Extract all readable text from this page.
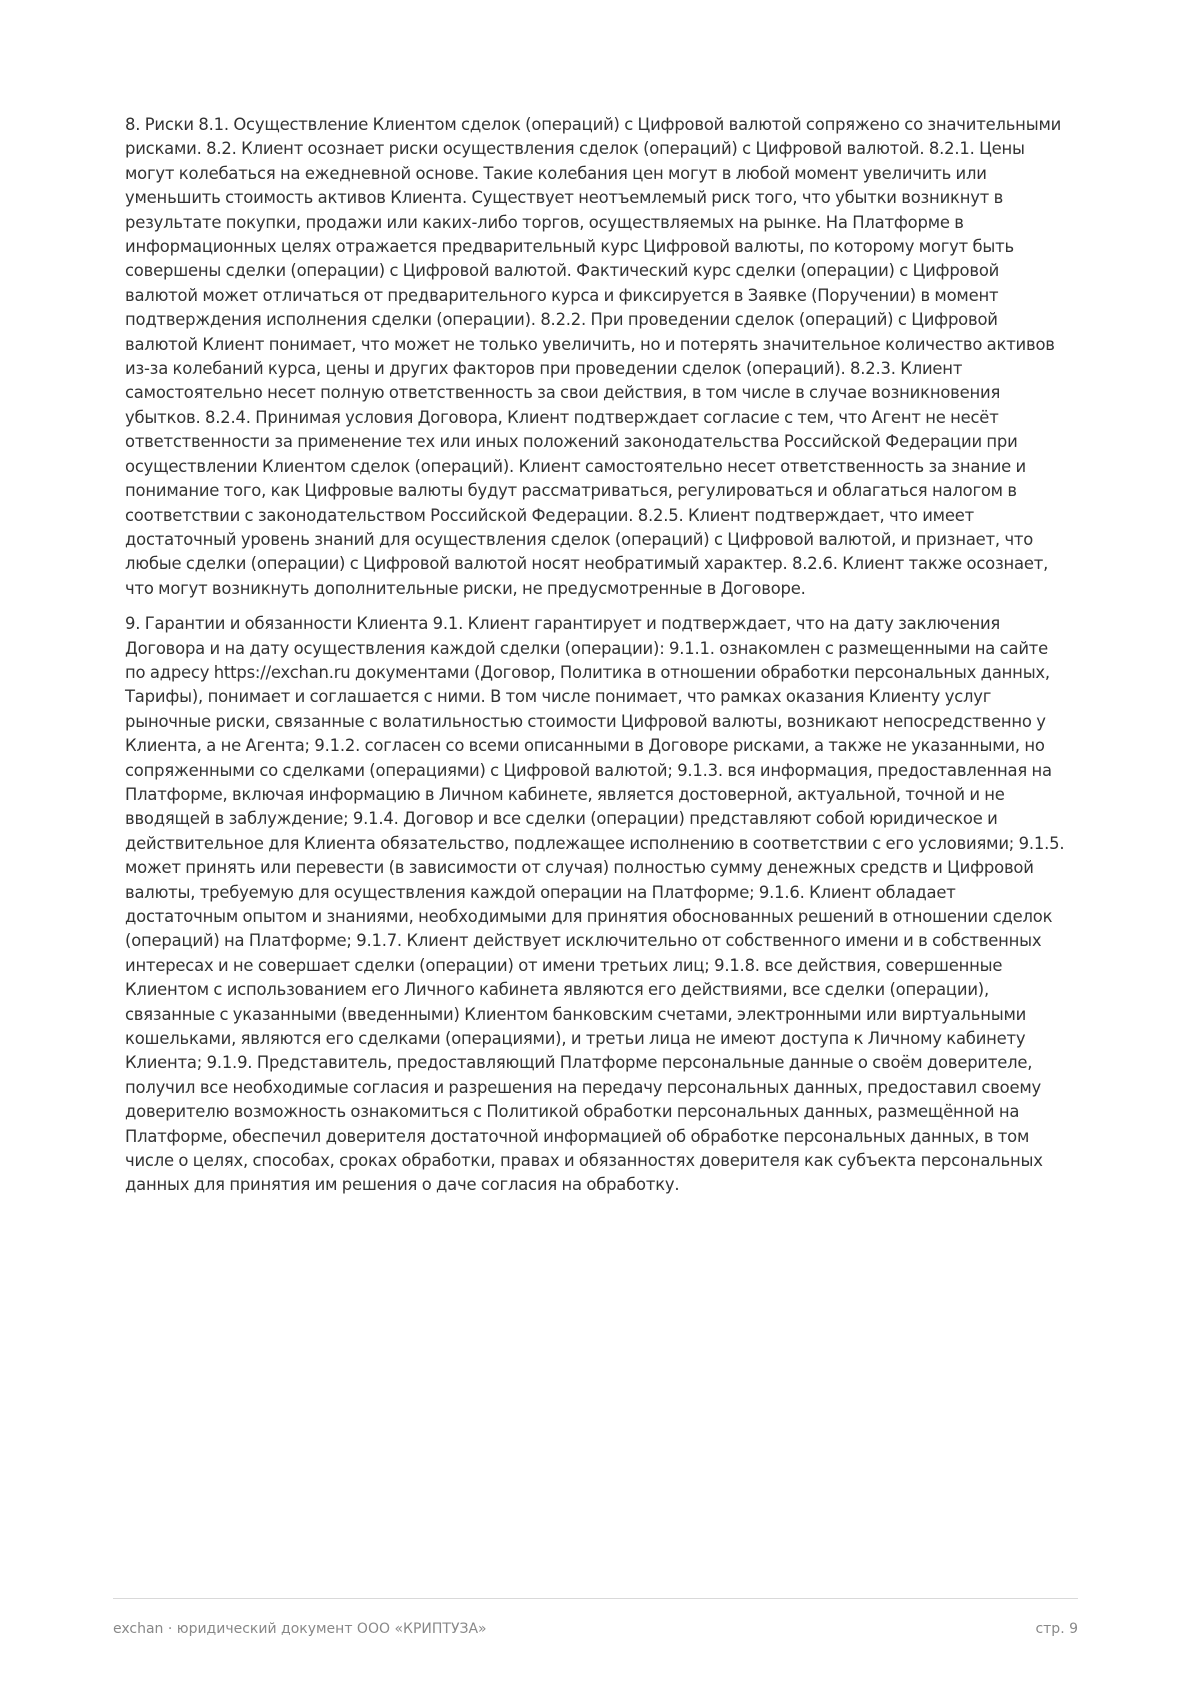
8. Риски 8.1. Осуществление Клиентом сделок (операций) с Цифровой валютой сопряжено со значительными рисками. 8.2. Клиент осознает риски осуществления сделок (операций) с Цифровой валютой. 8.2.1. Цены могут колебаться на ежедневной основе. Такие колебания цен могут в любой момент увеличить или уменьшить стоимость активов Клиента. Существует неотъемлемый риск того, что убытки возникнут в результате покупки, продажи или каких-либо торгов, осуществляемых на рынке. На Платформе в информационных целях отражается предварительный курс Цифровой валюты, по которому могут быть совершены сделки (операции) с Цифровой валютой. Фактический курс сделки (операции) с Цифровой валютой может отличаться от предварительного курса и фиксируется в Заявке (Поручении) в момент подтверждения исполнения сделки (операции). 8.2.2. При проведении сделок (операций) с Цифровой валютой Клиент понимает, что может не только увеличить, но и потерять значительное количество активов из-за колебаний курса, цены и других факторов при проведении сделок (операций). 8.2.3. Клиент самостоятельно несет полную ответственность за свои действия, в том числе в случае возникновения убытков. 8.2.4. Принимая условия Договора, Клиент подтверждает согласие с тем, что Агент не несёт ответственности за применение тех или иных положений законодательства Российской Федерации при осуществлении Клиентом сделок (операций). Клиент самостоятельно несет ответственность за знание и понимание того, как Цифровые валюты будут рассматриваться, регулироваться и облагаться налогом в соответствии с законодательством Российской Федерации. 8.2.5. Клиент подтверждает, что имеет достаточный уровень знаний для осуществления сделок (операций) с Цифровой валютой, и признает, что любые сделки (операции) с Цифровой валютой носят необратимый характер. 8.2.6. Клиент также осознает, что могут возникнуть дополнительные риски, не предусмотренные в Договоре.

9. Гарантии и обязанности Клиента 9.1. Клиент гарантирует и подтверждает, что на дату заключения Договора и на дату осуществления каждой сделки (операции): 9.1.1. ознакомлен с размещенными на сайте по адресу https://exchan.ru документами (Договор, Политика в отношении обработки персональных данных, Тарифы), понимает и соглашается с ними. В том числе понимает, что рамках оказания Клиенту услуг рыночные риски, связанные с волатильностью стоимости Цифровой валюты, возникают непосредственно у Клиента, а не Агента; 9.1.2. согласен со всеми описанными в Договоре рисками, а также не указанными, но сопряженными со сделками (операциями) с Цифровой валютой; 9.1.3. вся информация, предоставленная на Платформе, включая информацию в Личном кабинете, является достоверной, актуальной, точной и не вводящей в заблуждение; 9.1.4. Договор и все сделки (операции) представляют собой юридическое и действительное для Клиента обязательство, подлежащее исполнению в соответствии с его условиями; 9.1.5. может принять или перевести (в зависимости от случая) полностью сумму денежных средств и Цифровой валюты, требуемую для осуществления каждой операции на Платформе; 9.1.6. Клиент обладает достаточным опытом и знаниями, необходимыми для принятия обоснованных решений в отношении сделок (операций) на Платформе; 9.1.7. Клиент действует исключительно от собственного имени и в собственных интересах и не совершает сделки (операции) от имени третьих лиц; 9.1.8. все действия, совершенные Клиентом с использованием его Личного кабинета являются его действиями, все сделки (операции), связанные с указанными (введенными) Клиентом банковским счетами, электронными или виртуальными кошельками, являются его сделками (операциями), и третьи лица не имеют доступа к Личному кабинету Клиента; 9.1.9. Представитель, предоставляющий Платформе персональные данные о своём доверителе, получил все необходимые согласия и разрешения на передачу персональных данных, предоставил своему доверителю возможность ознакомиться с Политикой обработки персональных данных, размещённой на Платформе, обеспечил доверителя достаточной информацией об обработке персональных данных, в том числе о целях, способах, сроках обработки, правах и обязанностях доверителя как субъекта персональных данных для принятия им решения о даче согласия на обработку.

exchan · юридический документ ООО «КРИПТУЗА»	стр. 9
